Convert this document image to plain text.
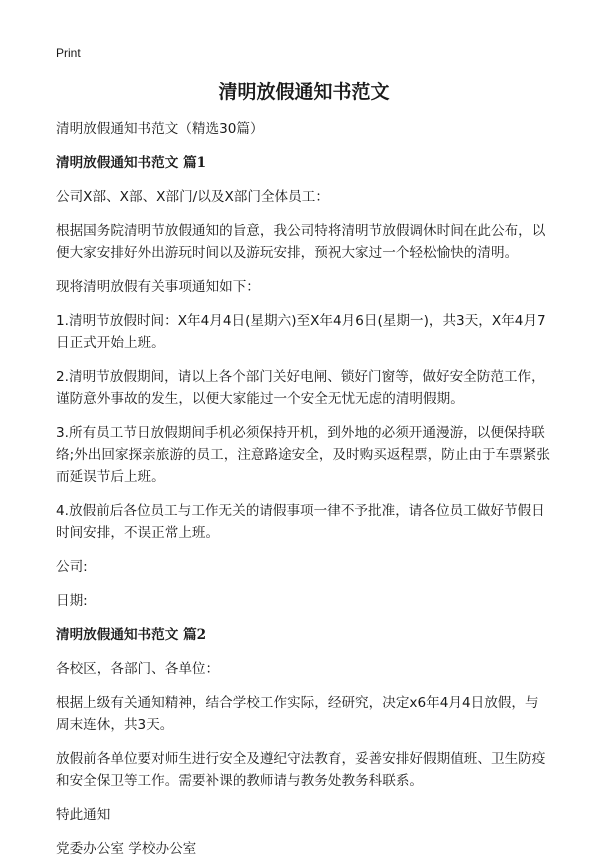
Print
清明放假通知书范文
清明放假通知书范文（精选30篇）
清明放假通知书范文 篇1
公司X部、X部、X部门/以及X部门全体员工：
根据国务院清明节放假通知的旨意，我公司特将清明节放假调休时间在此公布，以便大家安排好外出游玩时间以及游玩安排，预祝大家过一个轻松愉快的清明。
现将清明放假有关事项通知如下：
1.清明节放假时间：X年4月4日(星期六)至X年4月6日(星期一)，共3天，X年4月7日正式开始上班。
2.清明节放假期间，请以上各个部门关好电闸、锁好门窗等，做好安全防范工作，谨防意外事故的发生，以便大家能过一个安全无忧无虑的清明假期。
3.所有员工节日放假期间手机必须保持开机，到外地的必须开通漫游，以便保持联络;外出回家探亲旅游的员工，注意路途安全，及时购买返程票，防止由于车票紧张而延误节后上班。
4.放假前后各位员工与工作无关的请假事项一律不予批准，请各位员工做好节假日时间安排，不误正常上班。
公司:
日期:
清明放假通知书范文 篇2
各校区，各部门、各单位：
根据上级有关通知精神，结合学校工作实际，经研究，决定x6年4月4日放假，与周末连休，共3天。
放假前各单位要对师生进行安全及遵纪守法教育，妥善安排好假期值班、卫生防疫和安全保卫等工作。需要补课的教师请与教务处教务科联系。
特此通知
党委办公室 学校办公室
